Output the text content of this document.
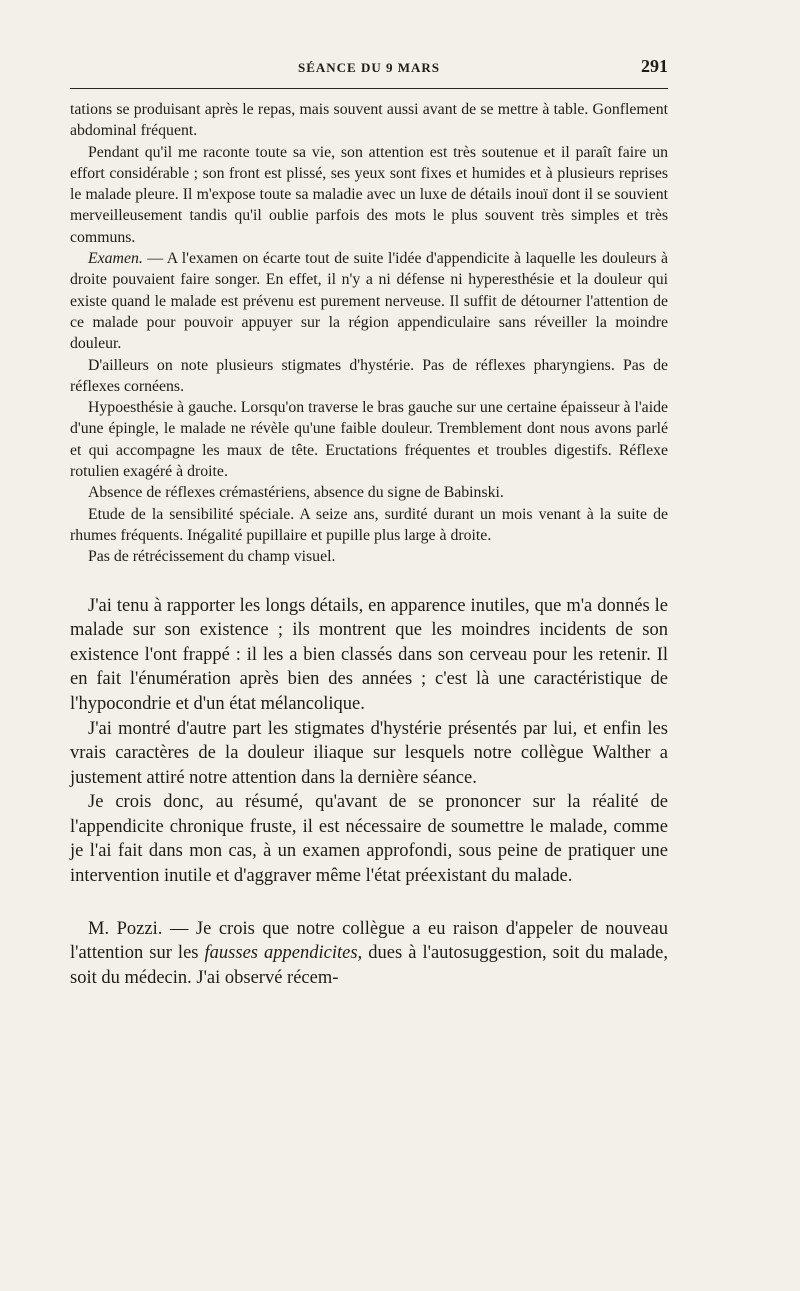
SÉANCE DU 9 MARS	291

tations se produisant après le repas, mais souvent aussi avant de se mettre à table. Gonflement abdominal fréquent.

Pendant qu'il me raconte toute sa vie, son attention est très soutenue et il paraît faire un effort considérable ; son front est plissé, ses yeux sont fixes et humides et à plusieurs reprises le malade pleure. Il m'expose toute sa maladie avec un luxe de détails inouï dont il se souvient merveilleusement tandis qu'il oublie parfois des mots le plus souvent très simples et très communs.

Examen. — A l'examen on écarte tout de suite l'idée d'appendicite à laquelle les douleurs à droite pouvaient faire songer. En effet, il n'y a ni défense ni hyperesthésie et la douleur qui existe quand le malade est prévenu est purement nerveuse. Il suffit de détourner l'attention de ce malade pour pouvoir appuyer sur la région appendiculaire sans réveiller la moindre douleur.

D'ailleurs on note plusieurs stigmates d'hystérie. Pas de réflexes pharyngiens. Pas de réflexes cornéens.

Hypoesthésie à gauche. Lorsqu'on traverse le bras gauche sur une certaine épaisseur à l'aide d'une épingle, le malade ne révèle qu'une faible douleur. Tremblement dont nous avons parlé et qui accompagne les maux de tête. Eructations fréquentes et troubles digestifs. Réflexe rotulien exagéré à droite.

Absence de réflexes crémastériens, absence du signe de Babinski.

Etude de la sensibilité spéciale. A seize ans, surdité durant un mois venant à la suite de rhumes fréquents. Inégalité pupillaire et pupille plus large à droite.

Pas de rétrécissement du champ visuel.

J'ai tenu à rapporter les longs détails, en apparence inutiles, que m'a donnés le malade sur son existence ; ils montrent que les moindres incidents de son existence l'ont frappé : il les a bien classés dans son cerveau pour les retenir. Il en fait l'énumération après bien des années ; c'est là une caractéristique de l'hypocondrie et d'un état mélancolique.

J'ai montré d'autre part les stigmates d'hystérie présentés par lui, et enfin les vrais caractères de la douleur iliaque sur lesquels notre collègue Walther a justement attiré notre attention dans la dernière séance.

Je crois donc, au résumé, qu'avant de se prononcer sur la réalité de l'appendicite chronique fruste, il est nécessaire de soumettre le malade, comme je l'ai fait dans mon cas, à un examen approfondi, sous peine de pratiquer une intervention inutile et d'aggraver même l'état préexistant du malade.

M. Pozzi. — Je crois que notre collègue a eu raison d'appeler de nouveau l'attention sur les fausses appendicites, dues à l'autosuggestion, soit du malade, soit du médecin. J'ai observé récem-
